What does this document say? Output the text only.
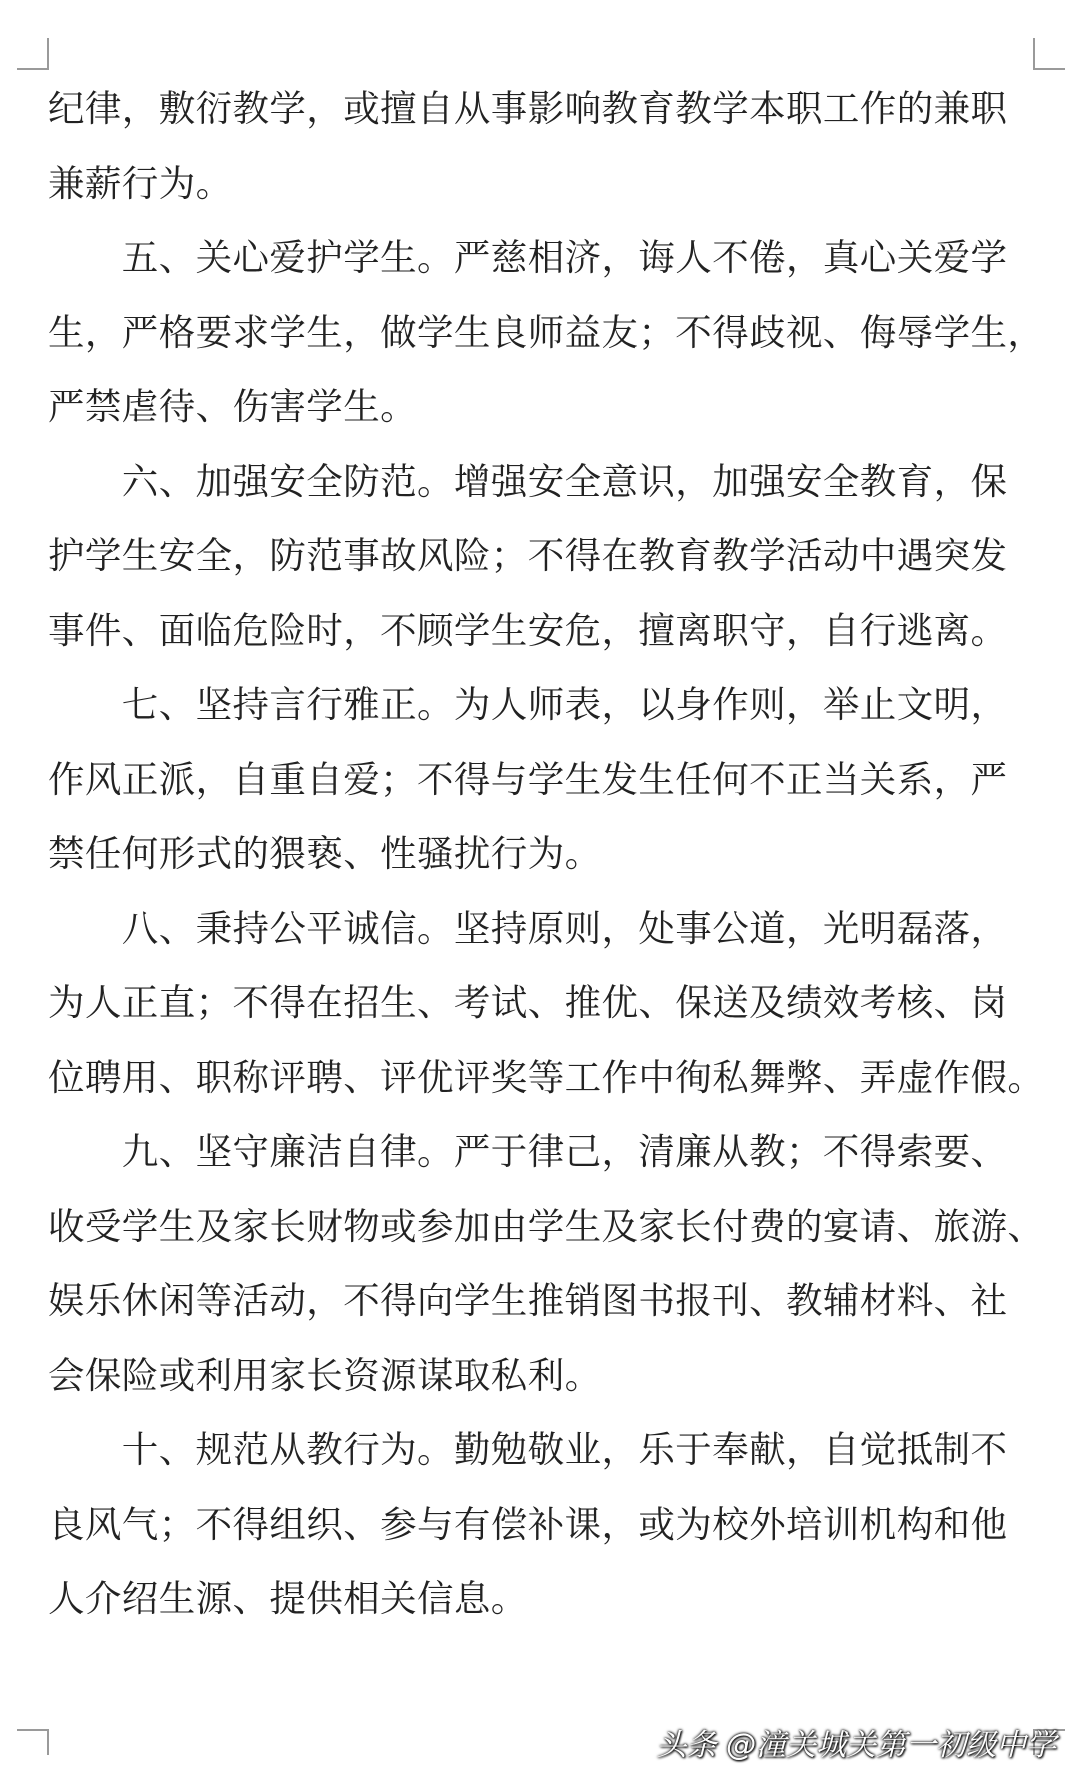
纪律，敷衍教学，或擅自从事影响教育教学本职工作的兼职
兼薪行为。
　　五、关心爱护学生。严慈相济，诲人不倦，真心关爱学
生，严格要求学生，做学生良师益友；不得歧视、侮辱学生，
严禁虐待、伤害学生。
　　六、加强安全防范。增强安全意识，加强安全教育，保
护学生安全，防范事故风险；不得在教育教学活动中遇突发
事件、面临危险时，不顾学生安危，擅离职守，自行逃离。
　　七、坚持言行雅正。为人师表，以身作则，举止文明，
作风正派，自重自爱；不得与学生发生任何不正当关系，严
禁任何形式的猥亵、性骚扰行为。
　　八、秉持公平诚信。坚持原则，处事公道，光明磊落，
为人正直；不得在招生、考试、推优、保送及绩效考核、岗
位聘用、职称评聘、评优评奖等工作中徇私舞弊、弄虚作假。
　　九、坚守廉洁自律。严于律己，清廉从教；不得索要、
收受学生及家长财物或参加由学生及家长付费的宴请、旅游、
娱乐休闲等活动，不得向学生推销图书报刊、教辅材料、社
会保险或利用家长资源谋取私利。
　　十、规范从教行为。勤勉敬业，乐于奉献，自觉抵制不
良风气；不得组织、参与有偿补课，或为校外培训机构和他
人介绍生源、提供相关信息。
头条 @潼关城关第一初级中学
